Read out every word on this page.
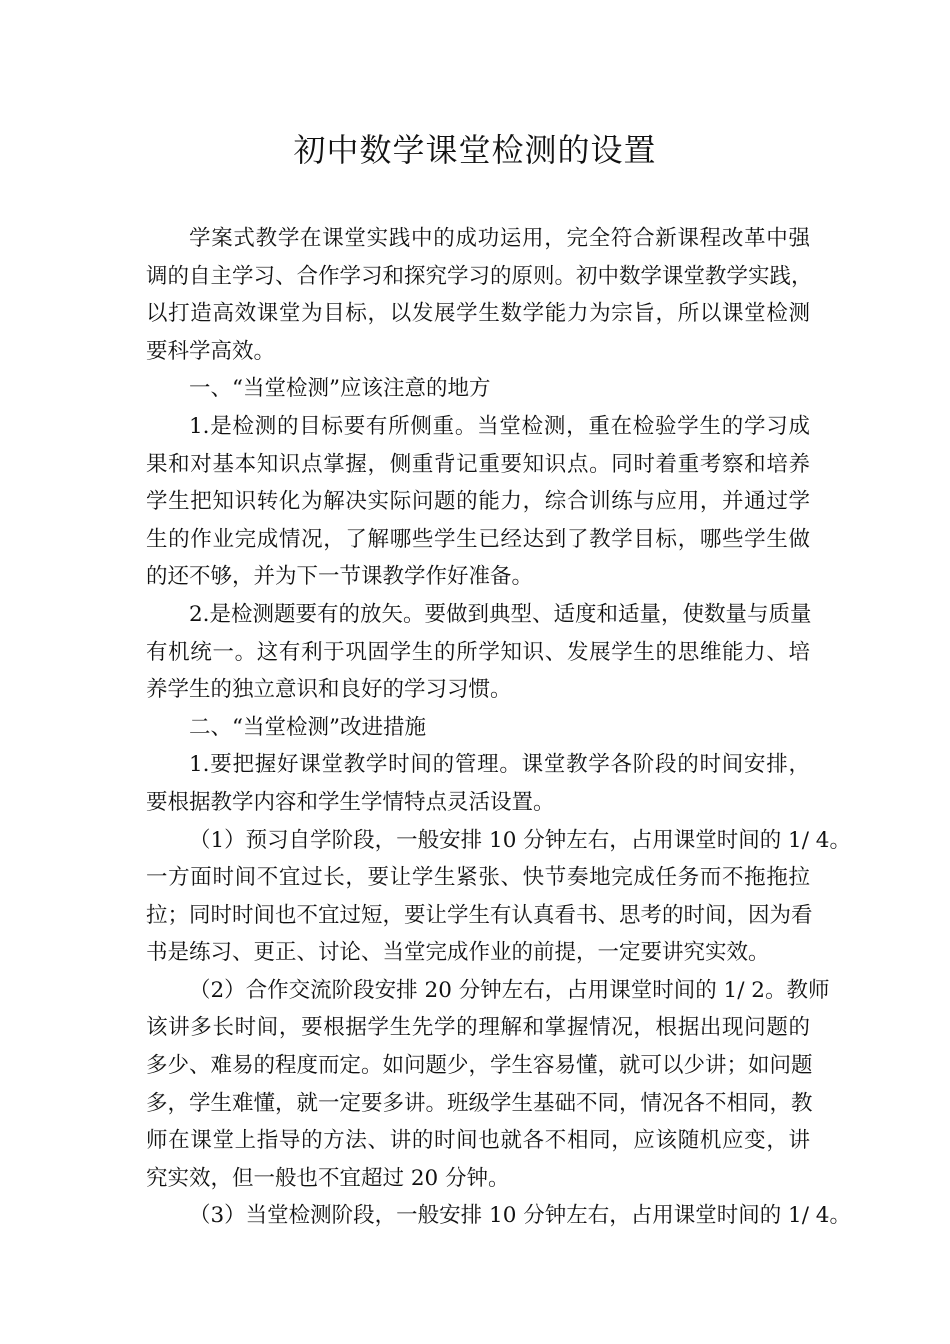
初中数学课堂检测的设置
学案式教学在课堂实践中的成功运用，完全符合新课程改革中强
调的自主学习、合作学习和探究学习的原则。初中数学课堂教学实践，
以打造高效课堂为目标，以发展学生数学能力为宗旨，所以课堂检测
要科学高效。
一、“当堂检测”应该注意的地方
1.是检测的目标要有所侧重。当堂检测，重在检验学生的学习成
果和对基本知识点掌握，侧重背记重要知识点。同时着重考察和培养
学生把知识转化为解决实际问题的能力，综合训练与应用，并通过学
生的作业完成情况，了解哪些学生已经达到了教学目标，哪些学生做
的还不够，并为下一节课教学作好准备。
2.是检测题要有的放矢。要做到典型、适度和适量，使数量与质量
有机统一。这有利于巩固学生的所学知识、发展学生的思维能力、培
养学生的独立意识和良好的学习习惯。
二、“当堂检测”改进措施
1.要把握好课堂教学时间的管理。课堂教学各阶段的时间安排，
要根据教学内容和学生学情特点灵活设置。
（1）预习自学阶段，一般安排 10 分钟左右，占用课堂时间的 1/ 4。
一方面时间不宜过长，要让学生紧张、快节奏地完成任务而不拖拖拉
拉；同时时间也不宜过短，要让学生有认真看书、思考的时间，因为看
书是练习、更正、讨论、当堂完成作业的前提，一定要讲究实效。
（2）合作交流阶段安排 20 分钟左右，占用课堂时间的 1/ 2。教师
该讲多长时间，要根据学生先学的理解和掌握情况，根据出现问题的
多少、难易的程度而定。如问题少，学生容易懂，就可以少讲；如问题
多，学生难懂，就一定要多讲。班级学生基础不同，情况各不相同，教
师在课堂上指导的方法、讲的时间也就各不相同，应该随机应变，讲
究实效，但一般也不宜超过 20 分钟。
（3）当堂检测阶段，一般安排 10 分钟左右，占用课堂时间的 1/ 4。
